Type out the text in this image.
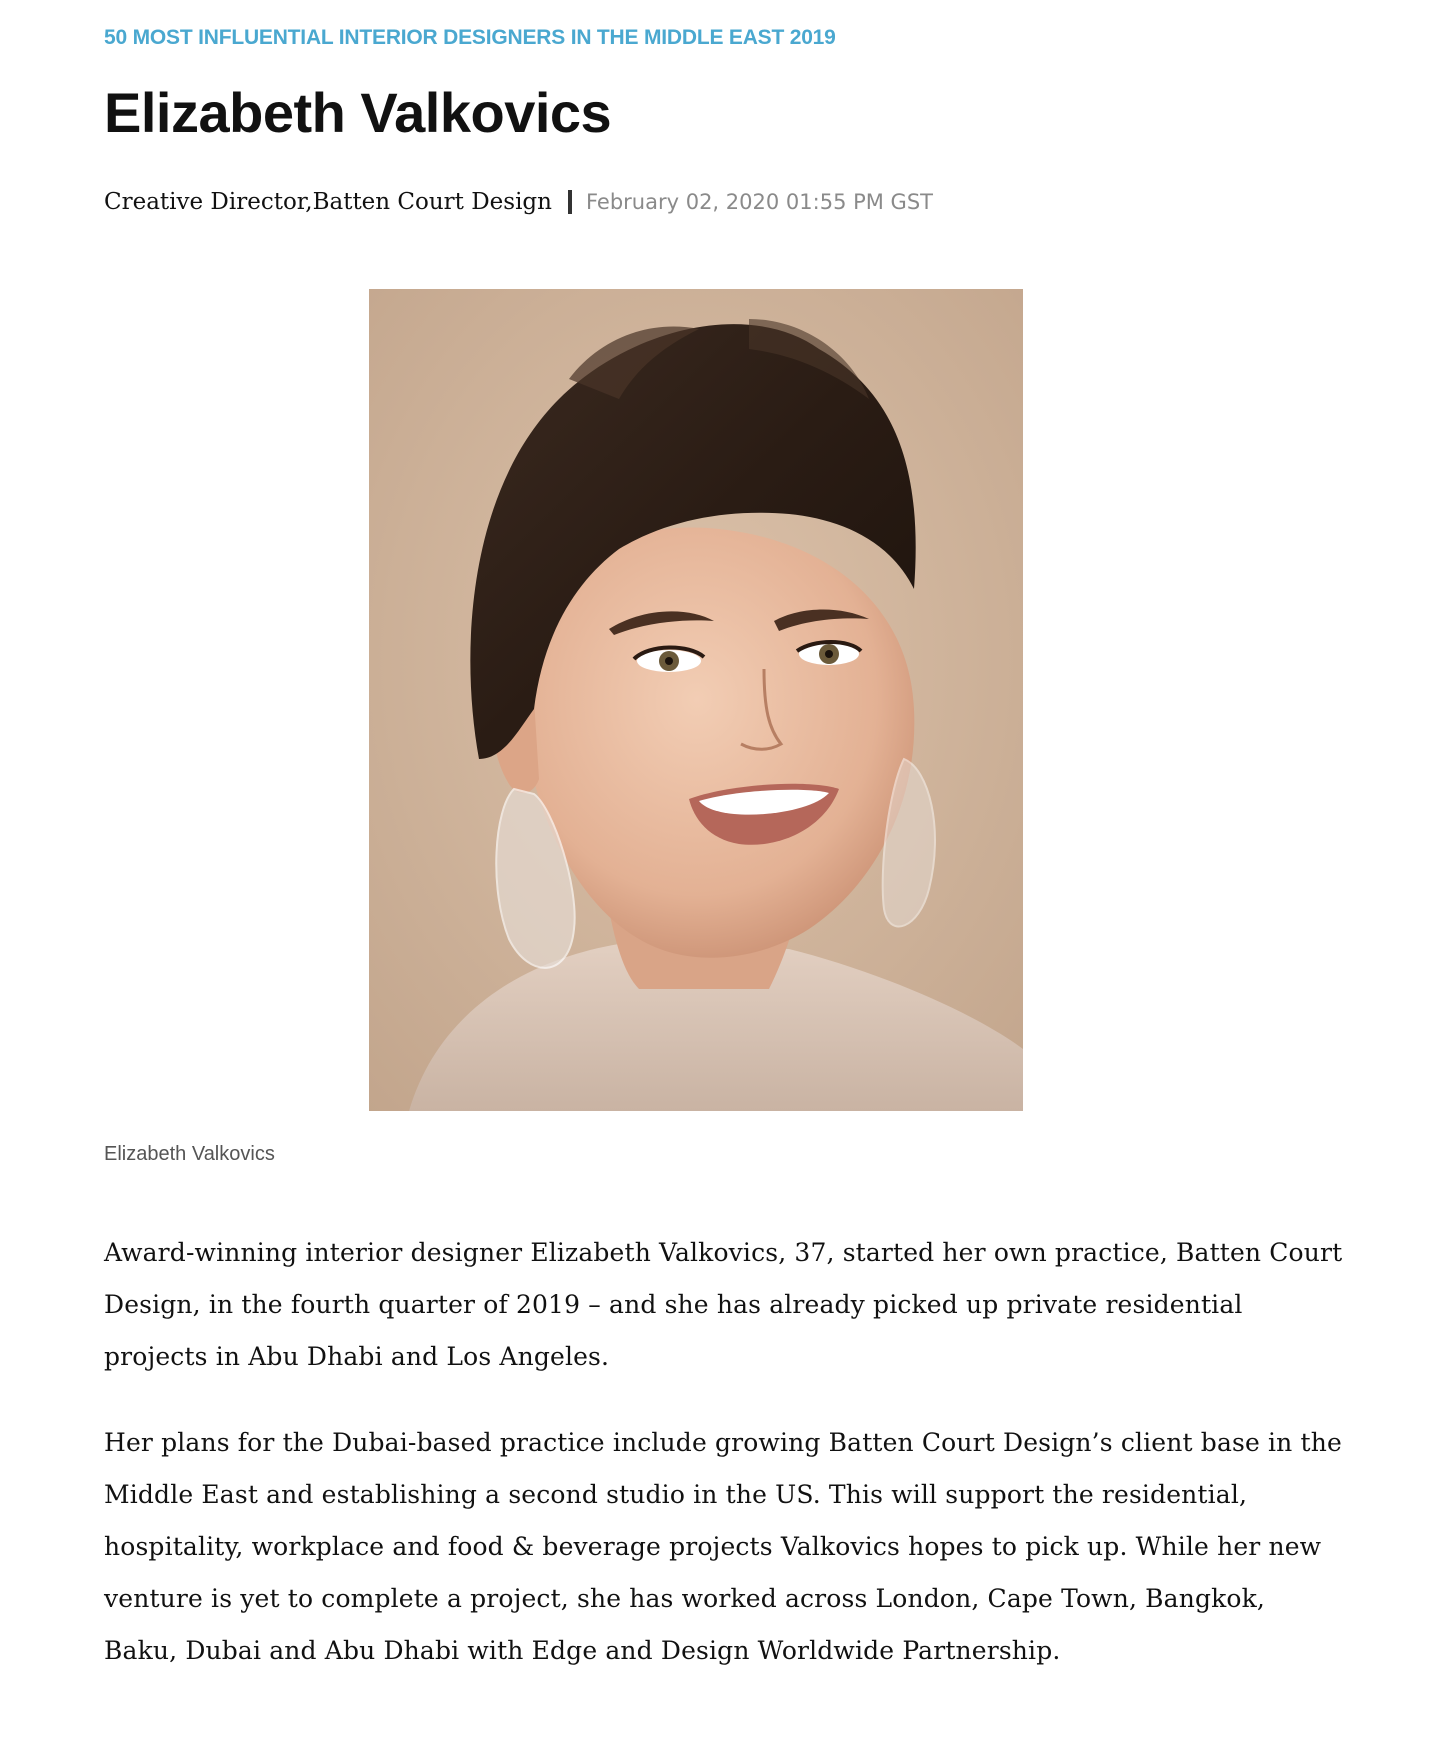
50 MOST INFLUENTIAL INTERIOR DESIGNERS IN THE MIDDLE EAST 2019
Elizabeth Valkovics
Creative Director,Batten Court Design February 02, 2020 01:55 PM GST
Elizabeth Valkovics

Award-winning interior designer Elizabeth Valkovics, 37, started her own practice, Batten Court Design, in the fourth quarter of 2019 – and she has already picked up private residential projects in Abu Dhabi and Los Angeles.

Her plans for the Dubai-based practice include growing Batten Court Design’s client base in the Middle East and establishing a second studio in the US. This will support the residential, hospitality, workplace and food & beverage projects Valkovics hopes to pick up. While her new venture is yet to complete a project, she has worked across London, Cape Town, Bangkok, Baku, Dubai and Abu Dhabi with Edge and Design Worldwide Partnership.
